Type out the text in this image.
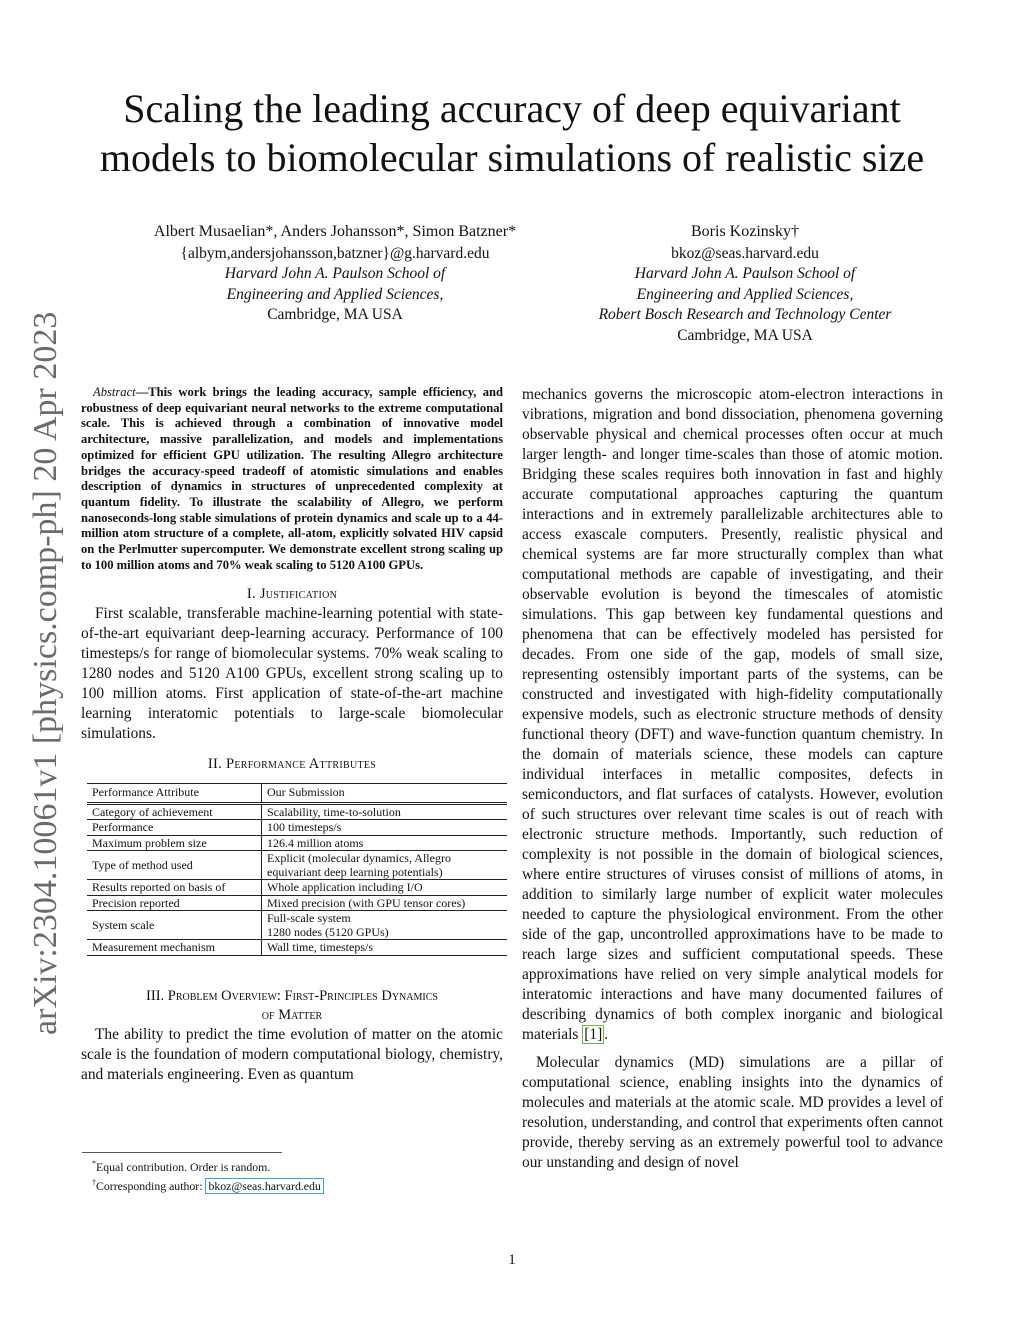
arXiv:2304.10061v1 [physics.comp-ph] 20 Apr 2023
Scaling the leading accuracy of deep equivariant
models to biomolecular simulations of realistic size
Albert Musaelian*, Anders Johansson*, Simon Batzner*
{albym,andersjohansson,batzner}@g.harvard.edu
Harvard John A. Paulson School of
Engineering and Applied Sciences,
Cambridge, MA USA
Boris Kozinsky†
bkoz@seas.harvard.edu
Harvard John A. Paulson School of
Engineering and Applied Sciences,
Robert Bosch Research and Technology Center
Cambridge, MA USA
Abstract—This work brings the leading accuracy, sample efficiency, and robustness of deep equivariant neural networks to the extreme computational scale. This is achieved through a combination of innovative model architecture, massive parallelization, and models and implementations optimized for efficient GPU utilization. The resulting Allegro architecture bridges the accuracy-speed tradeoff of atomistic simulations and enables description of dynamics in structures of unprecedented complexity at quantum fidelity. To illustrate the scalability of Allegro, we perform nanoseconds-long stable simulations of protein dynamics and scale up to a 44-million atom structure of a complete, all-atom, explicitly solvated HIV capsid on the Perlmutter supercomputer. We demonstrate excellent strong scaling up to 100 million atoms and 70% weak scaling to 5120 A100 GPUs.
I. Justification

First scalable, transferable machine-learning potential with state-of-the-art equivariant deep-learning accuracy. Performance of 100 timesteps/s for range of biomolecular systems. 70% weak scaling to 1280 nodes and 5120 A100 GPUs, excellent strong scaling up to 100 million atoms. First application of state-of-the-art machine learning interatomic potentials to large-scale biomolecular simulations.

II. Performance Attributes
Performance Attribute	Our Submission
Category of achievement	Scalability, time-to-solution
Performance	100 timesteps/s
Maximum problem size	126.4 million atoms
Type of method used	Explicit (molecular dynamics, Allegro
equivariant deep learning potentials)

Results reported on basis of	Whole application including I/O
Precision reported	Mixed precision (with GPU tensor cores)
System scale	Full-scale system
1280 nodes (5120 GPUs)

Measurement mechanism	Wall time, timesteps/s
III. Problem Overview: First-Principles Dynamics
of Matter

The ability to predict the time evolution of matter on the atomic scale is the foundation of modern computational biology, chemistry, and materials engineering. Even as quantum

*Equal contribution. Order is random.
†Corresponding author: bkoz@seas.harvard.edu

mechanics governs the microscopic atom-electron interactions in vibrations, migration and bond dissociation, phenomena governing observable physical and chemical processes often occur at much larger length- and longer time-scales than those of atomic motion. Bridging these scales requires both innovation in fast and highly accurate computational approaches capturing the quantum interactions and in extremely parallelizable architectures able to access exascale computers. Presently, realistic physical and chemical systems are far more structurally complex than what computational methods are capable of investigating, and their observable evolution is beyond the timescales of atomistic simulations. This gap between key fundamental questions and phenomena that can be effectively modeled has persisted for decades. From one side of the gap, models of small size, representing ostensibly important parts of the systems, can be constructed and investigated with high-fidelity computationally expensive models, such as electronic structure methods of density functional theory (DFT) and wave-function quantum chemistry. In the domain of materials science, these models can capture individual interfaces in metallic composites, defects in semiconductors, and flat surfaces of catalysts. However, evolution of such structures over relevant time scales is out of reach with electronic structure methods. Importantly, such reduction of complexity is not possible in the domain of biological sciences, where entire structures of viruses consist of millions of atoms, in addition to similarly large number of explicit water molecules needed to capture the physiological environment. From the other side of the gap, uncontrolled approximations have to be made to reach large sizes and sufficient computational speeds. These approximations have relied on very simple analytical models for interatomic interactions and have many documented failures of describing dynamics of both complex inorganic and biological materials [1] .

Molecular dynamics (MD) simulations are a pillar of computational science, enabling insights into the dynamics of molecules and materials at the atomic scale. MD provides a level of resolution, understanding, and control that experiments often cannot provide, thereby serving as an extremely powerful tool to advance our unstanding and design of novel

1
